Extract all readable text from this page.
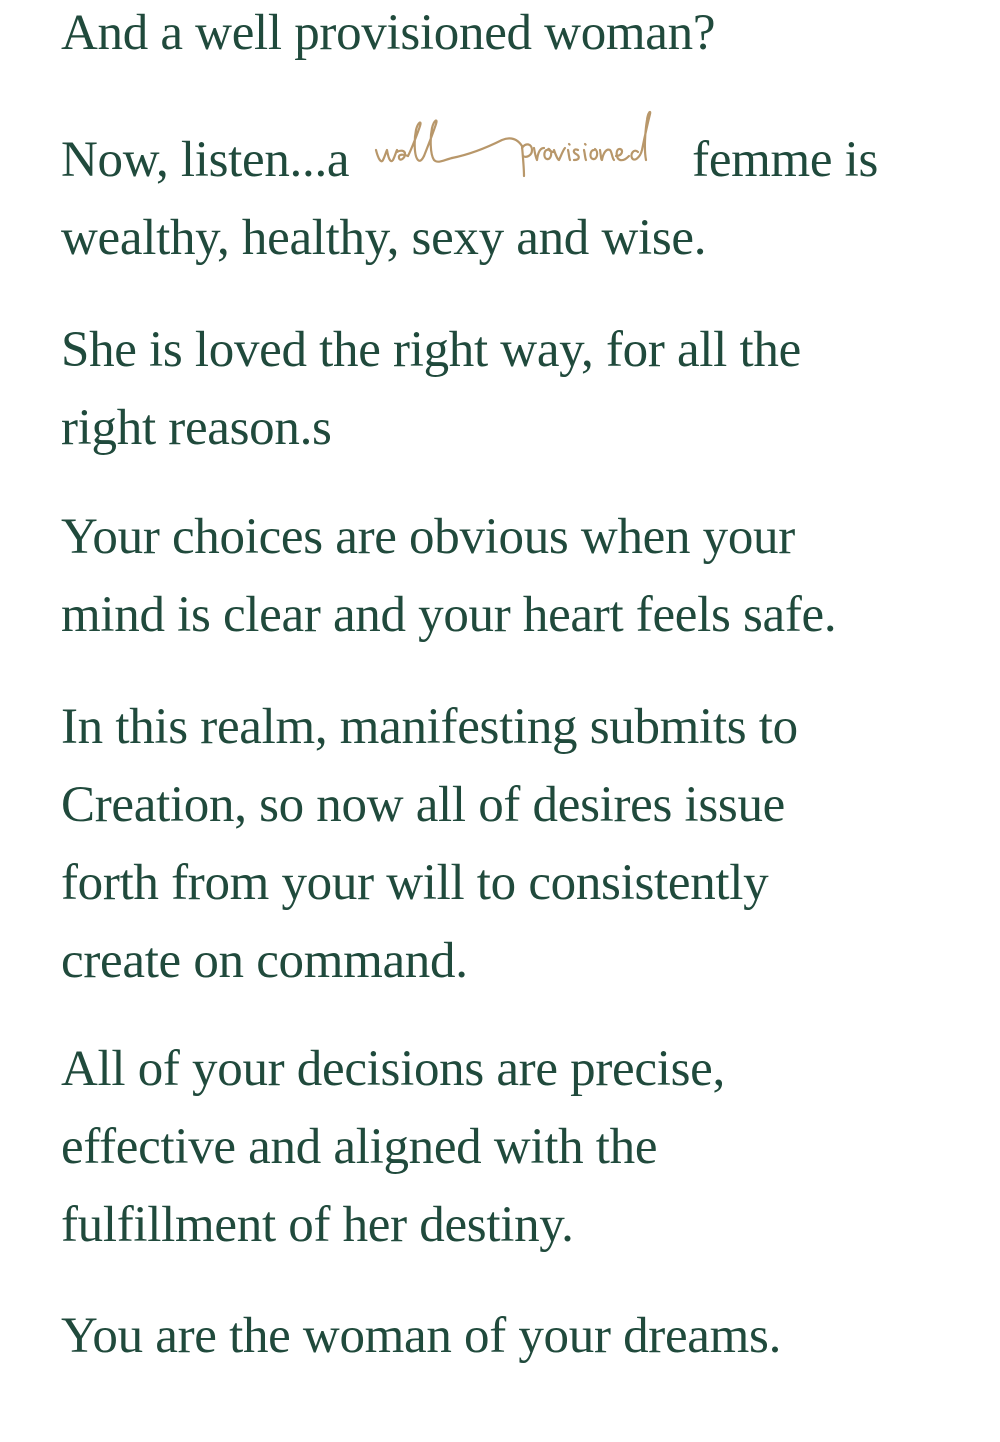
And a well provisioned woman?

Now, listen...a	femme is
wealthy, healthy, sexy and wise.

She is loved the right way, for all the
right reason.s

Your choices are obvious when your
mind is clear and your heart feels safe.

In this realm, manifesting submits to
Creation, so now all of desires issue
forth from your will to consistently
create on command.

All of your decisions are precise,
effective and aligned with the
fulfillment of her destiny.

You are the woman of your dreams.
